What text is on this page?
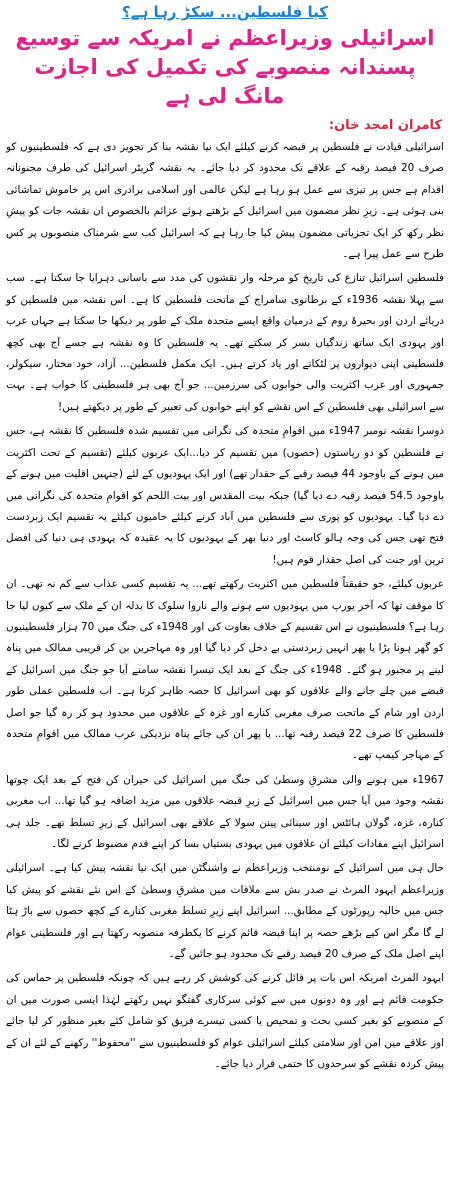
کیا فلسطین... سکڑ رہا ہے؟
اسرائیلی وزیراعظم نے امریکہ سے توسیع پسندانہ منصوبے کی تکمیل کی اجازت مانگ لی ہے
کامران امجد خان:

اسرائیلی قیادت نے فلسطین پر قبضہ کرنے کیلئے ایک نیا نقشہ بنا کر تجویز دی ہے کہ فلسطینیوں کو صرف 20 فیصد رقبہ کے علاقے تک محدود کر دیا جائے۔ یہ نقشہ گریٹر اسرائیل کی طرف مجنونانہ اقدام ہے جس پر تیزی سے عمل ہو رہا ہے لیکن عالمی اور اسلامی برادری اس پر خاموش تماشائی بنی ہوئی ہے۔ زیرِ نظر مضمون میں اسرائیل کے بڑھتے ہوئے عزائم بالخصوص ان نقشہ جات کو پیشِ نظر رکھ کر ایک تجزیاتی مضمون پیش کیا جا رہا ہے کہ اسرائیل کب سے شرمناک منصوبوں پر کس طرح سے عمل پیرا ہے۔

فلسطین اسرائیل تنازع کی تاریخ کو مرحلہ وار نقشوں کی مدد سے باسانی دہرایا جا سکتا ہے۔ سب سے پہلا نقشہ 1936ء کے برطانوی سامراج کے ماتحت فلسطین کا ہے۔ اس نقشہ میں فلسطین کو دریائے اردن اور بحیرۂ روم کے درمیان واقع ایسے متحدہ ملک کے طور پر دیکھا جا سکتا ہے جہاں عرب اور یہودی ایک ساتھ زندگیاں بسر کر سکتے تھے۔ یہ فلسطین کا وہ نقشہ ہے جسے آج بھی کچھ فلسطینی اپنی دیواروں پر لٹکاتے اور یاد کرتے ہیں۔ ایک مکمل فلسطین... آزاد، خود مختار، سیکولر، جمہوری اور عرب اکثریت والی خوابوں کی سرزمین... جو آج بھی ہر فلسطینی کا خواب ہے۔ بہت سے اسرائیلی بھی فلسطین کے اس نقشے کو اپنے خوابوں کی تعبیر کے طور پر دیکھتے ہیں!

دوسرا نقشہ نومبر 1947ء میں اقوامِ متحدہ کی نگرانی میں تقسیم شدہ فلسطین کا نقشہ ہے، جس نے فلسطین کو دو ریاستوں (حصوں) میں تقسیم کر دیا...ایک عربوں کیلئے (تقسیم کے تحت اکثریت میں ہونے کے باوجود 44 فیصد رقبے کے حقدار تھے) اور ایک یہودیوں کے لئے (جنہیں اقلیت میں ہونے کے باوجود 54.5 فیصد رقبہ دے دیا گیا) جبکہ بیت المقدس اور بیت اللحم کو اقوامِ متحدہ کی نگرانی میں دے دیا گیا۔ یہودیوں کو پوری سے فلسطین میں آباد کرنے کیلئے حامیوں کیلئے یہ تقسیم ایک زبردست فتح تھی جس کی وجہ ہالو کاسٹ اور دنیا بھر کے یہودیوں کا یہ عقیدہ کہ یہودی ہی دنیا کی افضل ترین اور جنت کی اصل حقدار قوم ہیں!

عربوں کیلئے، جو حقیقتاً فلسطین میں اکثریت رکھتے تھے... یہ تقسیم کسی عذاب سے کم نہ تھی۔ ان کا موقف تھا کہ آخر یورپ میں یہودیوں سے ہونے والے ناروا سلوک کا بدلہ ان کے ملک سے کیوں لیا جا رہا ہے؟ فلسطینیوں نے اس تقسیم کے خلاف بغاوت کی اور 1948ء کی جنگ میں 70 ہزار فلسطینیوں کو گھر ہونا پڑا یا پھر انہیں زبردستی بے دخل کر دیا گیا اور وہ مہاجرین بن کر قریبی ممالک میں پناہ لینے پر مجبور ہو گئے۔ 1948ء کی جنگ کے بعد ایک تیسرا نقشہ سامنے آیا جو جنگ میں اسرائیل کے قبضے میں چلے جانے والے علاقوں کو بھی اسرائیل کا حصہ ظاہر کرتا ہے۔ اب فلسطین عملی طور اردن اور شام کے ماتحت صرف مغربی کنارے اور غزہ کے علاقوں میں محدود ہو کر رہ گیا جو اصل فلسطین کا صرف 22 فیصد رقبہ تھا... یا پھر ان کی جائے پناہ نزدیکی عرب ممالک میں اقوامِ متحدہ کے مہاجر کیمپ تھے۔

1967ء میں ہونے والی مشرقِ وسطیٰ کی جنگ میں اسرائیل کی حیران کن فتح کے بعد ایک چوتھا نقشہ وجود میں آیا جس میں اسرائیل کے زیرِ قبضہ علاقوں میں مزید اضافہ ہو گیا تھا... اب مغربی کنارہ، غزہ، گولان ہائٹس اور سینائی پینن سولا کے علاقے بھی اسرائیل کے زیرِ تسلط تھے۔ جلد ہی اسرائیل اپنے مفادات کیلئے ان علاقوں میں یہودی بستیاں بسا کر اپنے قدم مضبوط کرنے لگا۔

حال ہی میں اسرائیل کے نومنتخب وزیراعظم نے واشنگٹن میں ایک نیا نقشہ پیش کیا ہے۔ اسرائیلی وزیراعظم ایہود المرٹ نے صدر بش سے ملاقات میں مشرقِ وسطیٰ کے اس نئے نقشے کو پیش کیا جس میں حالیہ رپورٹوں کے مطابق... اسرائیل اپنے زیرِ تسلط مغربی کنارے کے کچھ حصوں سے باڑ ہٹا لے گا مگر اس کیے بڑھے حصہ پر اپنا قبضہ قائم کرنے کا یکطرفہ منصوبہ رکھتا ہے اور فلسطینی عوام اپنے اصل ملک کے صرف 20 فیصد رقبے تک محدود ہو جائیں گے۔

ایہود المرٹ امریکہ اس بات پر قائل کرنے کی کوشش کر رہے ہیں کہ چونکہ فلسطین پر حماس کی حکومت قائم ہے اور وہ دونوں میں سے کوئی سرکاری گفتگو نہیں رکھتے لہٰذا ایسی صورت میں ان کے منصوبے کو بغیر کسی بحث و تمحیص یا کسی تیسرے فریق کو شامل کئے بغیر منظور کر لیا جائے اور علاقے میں امن اور سلامتی کیلئے اسرائیلی عوام کو فلسطینیوں سے ''محفوظ'' رکھنے کے لئے ان کے پیش کردہ نقشے کو سرحدوں کا حتمی قرار دیا جائے۔
